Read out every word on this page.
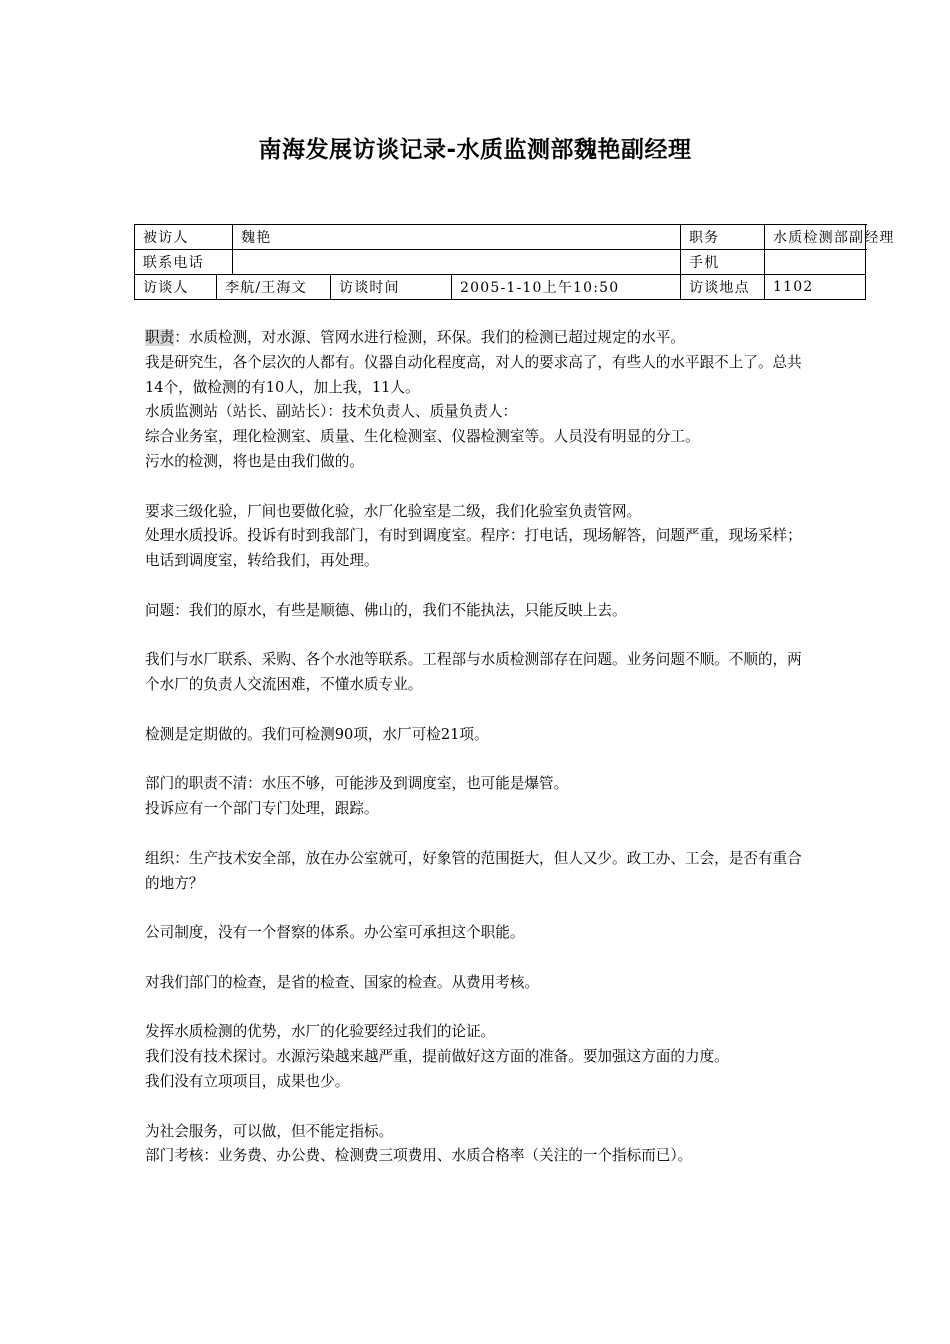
南海发展访谈记录-水质监测部魏艳副经理
被访人		魏艳			职务	水质检测部副经理
联系电话					手机	
访谈人	李航/王海文		访谈时间	2005-1-10上午10:50	访谈地点	1102

职责：水质检测，对水源、管网水进行检测，环保。我们的检测已超过规定的水平。

我是研究生，各个层次的人都有。仪器自动化程度高，对人的要求高了，有些人的水平跟不上了。总共14个，做检测的有10人，加上我，11人。

水质监测站（站长、副站长）：技术负责人、质量负责人：

综合业务室，理化检测室、质量、生化检测室、仪器检测室等。人员没有明显的分工。

污水的检测，将也是由我们做的。

要求三级化验，厂间也要做化验，水厂化验室是二级，我们化验室负责管网。

处理水质投诉。投诉有时到我部门，有时到调度室。程序：打电话，现场解答，问题严重，现场采样；电话到调度室，转给我们，再处理。

问题：我们的原水，有些是顺德、佛山的，我们不能执法，只能反映上去。

我们与水厂联系、采购、各个水池等联系。工程部与水质检测部存在问题。业务问题不顺。不顺的，两个水厂的负责人交流困难，不懂水质专业。

检测是定期做的。我们可检测90项，水厂可检21项。

部门的职责不清：水压不够，可能涉及到调度室，也可能是爆管。

投诉应有一个部门专门处理，跟踪。

组织：生产技术安全部，放在办公室就可，好象管的范围挺大，但人又少。政工办、工会，是否有重合的地方？

公司制度，没有一个督察的体系。办公室可承担这个职能。

对我们部门的检查，是省的检查、国家的检查。从费用考核。

发挥水质检测的优势，水厂的化验要经过我们的论证。

我们没有技术探讨。水源污染越来越严重，提前做好这方面的准备。要加强这方面的力度。

我们没有立项项目，成果也少。

为社会服务，可以做，但不能定指标。

部门考核：业务费、办公费、检测费三项费用、水质合格率（关注的一个指标而已）。
